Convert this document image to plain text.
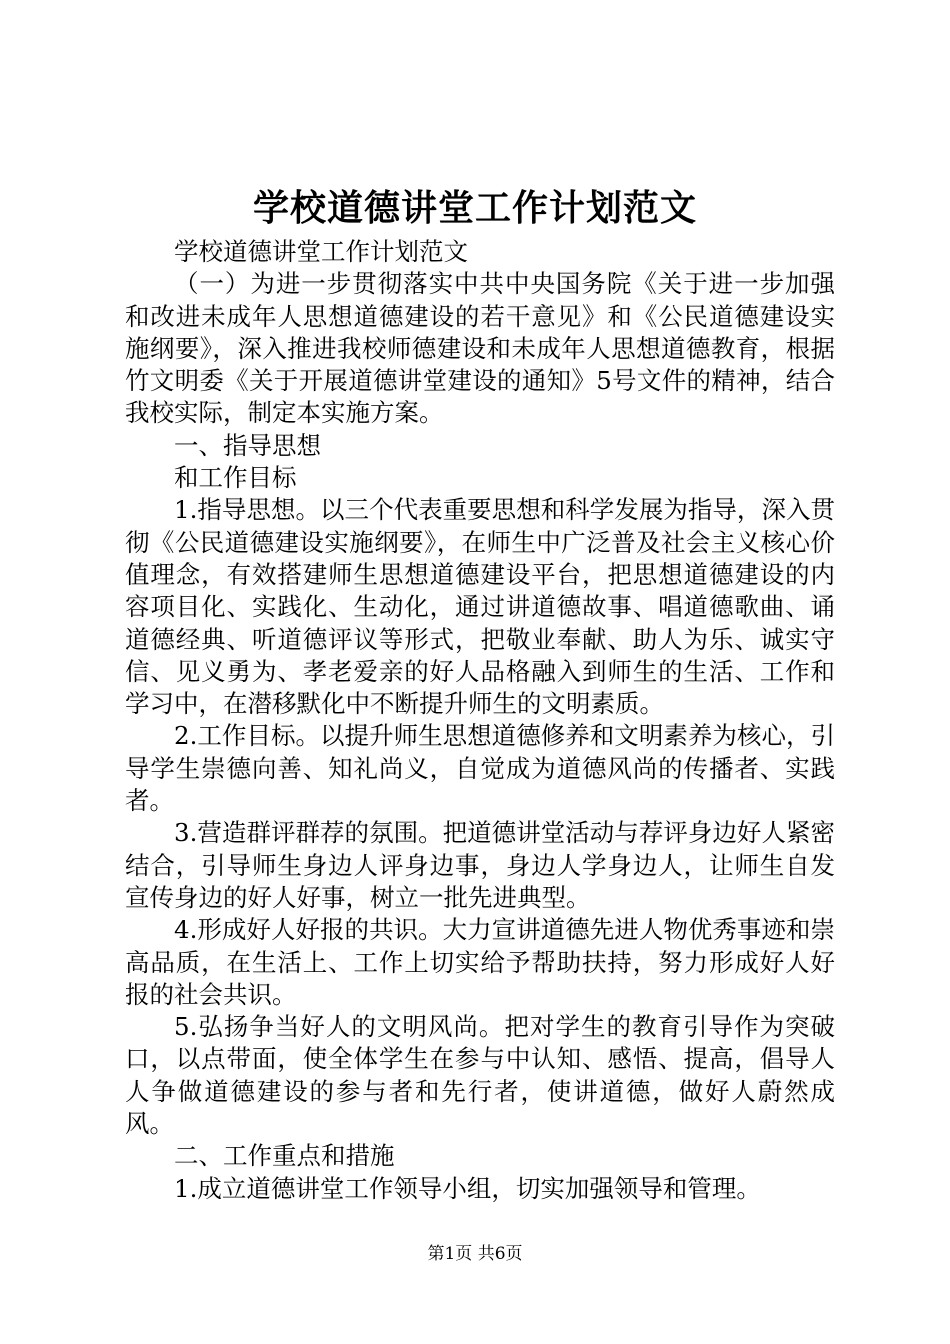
学校道德讲堂工作计划范文

学校道德讲堂工作计划范文

（一）为进一步贯彻落实中共中央国务院《关于进一步加强和改进未成年人思想道德建设的若干意见》和《公民道德建设实施纲要》，深入推进我校师德建设和未成年人思想道德教育，根据竹文明委《关于开展道德讲堂建设的通知》5号文件的精神，结合我校实际，制定本实施方案。

一、指导思想

和工作目标

1.指导思想。以三个代表重要思想和科学发展为指导，深入贯彻《公民道德建设实施纲要》，在师生中广泛普及社会主义核心价值理念，有效搭建师生思想道德建设平台，把思想道德建设的内容项目化、实践化、生动化，通过讲道德故事、唱道德歌曲、诵道德经典、听道德评议等形式，把敬业奉献、助人为乐、诚实守信、见义勇为、孝老爱亲的好人品格融入到师生的生活、工作和学习中，在潜移默化中不断提升师生的文明素质。

2.工作目标。以提升师生思想道德修养和文明素养为核心，引导学生崇德向善、知礼尚义，自觉成为道德风尚的传播者、实践者。

3.营造群评群荐的氛围。把道德讲堂活动与荐评身边好人紧密结合，引导师生身边人评身边事，身边人学身边人，让师生自发宣传身边的好人好事，树立一批先进典型。

4.形成好人好报的共识。大力宣讲道德先进人物优秀事迹和崇高品质，在生活上、工作上切实给予帮助扶持，努力形成好人好报的社会共识。

5.弘扬争当好人的文明风尚。把对学生的教育引导作为突破口，以点带面，使全体学生在参与中认知、感悟、提高，倡导人人争做道德建设的参与者和先行者，使讲道德，做好人蔚然成风。

二、工作重点和措施

1.成立道德讲堂工作领导小组，切实加强领导和管理。

第1页 共6页
